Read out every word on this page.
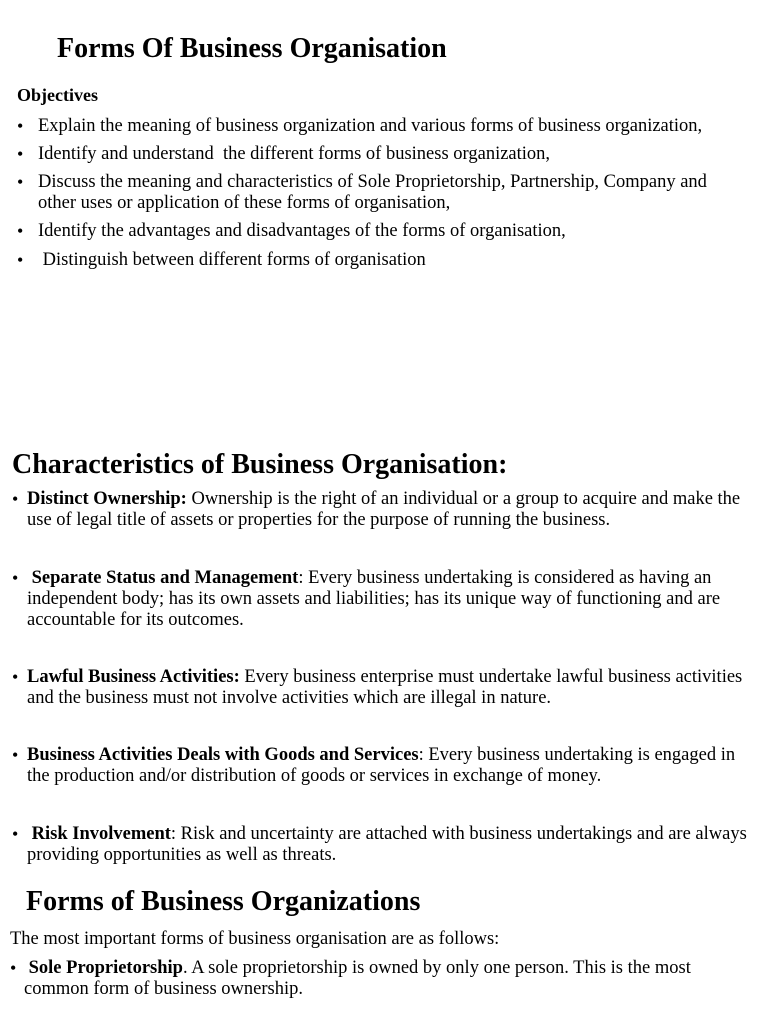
Forms Of Business Organisation
Objectives
• Explain the meaning of business organization and various forms of business organization,
• Identify and understand  the different forms of business organization,
• Discuss the meaning and characteristics of Sole Proprietorship, Partnership, Company and
other uses or application of these forms of organisation,
• Identify the advantages and disadvantages of the forms of organisation,
• Distinguish between different forms of organisation
Characteristics of Business Organisation:
• Distinct Ownership: Ownership is the right of an individual or a group to acquire and make the use of legal title of assets or properties for the purpose of running the business.
• Separate Status and Management: Every business undertaking is considered as having an independent body; has its own assets and liabilities; has its unique way of functioning and are accountable for its outcomes.
• Lawful Business Activities: Every business enterprise must undertake lawful business activities and the business must not involve activities which are illegal in nature.
• Business Activities Deals with Goods and Services: Every business undertaking is engaged in the production and/or distribution of goods or services in exchange of money.
• Risk Involvement: Risk and uncertainty are attached with business undertakings and are always providing opportunities as well as threats.
Forms of Business Organizations
The most important forms of business organisation are as follows:
• Sole Proprietorship. A sole proprietorship is owned by only one person. This is the most common form of business ownership.
